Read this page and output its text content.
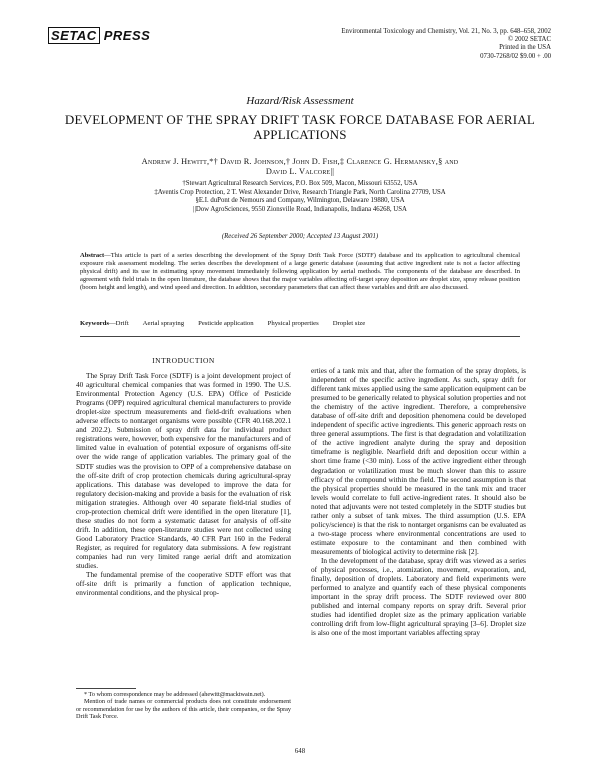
SETAC PRESS	Environmental Toxicology and Chemistry, Vol. 21, No. 3, pp. 648–658, 2002
© 2002 SETAC
Printed in the USA
0730-7268/02 $9.00 + .00
Hazard/Risk Assessment
DEVELOPMENT OF THE SPRAY DRIFT TASK FORCE DATABASE FOR AERIAL APPLICATIONS
Andrew J. Hewitt,*† David R. Johnson,† John D. Fish,‡ Clarence G. Hermansky,§ and
David L. Valcore||
†Stewart Agricultural Research Services, P.O. Box 509, Macon, Missouri 63552, USA
‡Aventis Crop Protection, 2 T. West Alexander Drive, Research Triangle Park, North Carolina 27709, USA
§E.I. duPont de Nemours and Company, Wilmington, Delaware 19880, USA
||Dow AgroSciences, 9550 Zionsville Road, Indianapolis, Indiana 46268, USA
(Received 26 September 2000; Accepted 13 August 2001)
Abstract—This article is part of a series describing the development of the Spray Drift Task Force (SDTF) database and its application to agricultural chemical exposure risk assessment modeling. The series describes the development of a large generic database (assuming that active ingredient rate is not a factor affecting physical drift) and its use in estimating spray movement immediately following application by aerial methods. The components of the database are described. In agreement with field trials in the open literature, the database shows that the major variables affecting off-target spray deposition are droplet size, spray release position (boom height and length), and wind speed and direction. In addition, secondary parameters that can affect these variables and drift are also discussed.
Keywords—Drift Aerial spraying Pesticide application Physical properties Droplet size
INTRODUCTION

The Spray Drift Task Force (SDTF) is a joint development project of 40 agricultural chemical companies that was formed in 1990. The U.S. Environmental Protection Agency (U.S. EPA) Office of Pesticide Programs (OPP) required agricultural chemical manufacturers to provide droplet-size spectrum measurements and field-drift evaluations when adverse effects to nontarget organisms were possible (CFR 40.168.202.1 and 202.2). Submission of spray drift data for individual product registrations were, however, both expensive for the manufacturers and of limited value in evaluation of potential exposure of organisms off-site over the wide range of application variables. The primary goal of the SDTF studies was the provision to OPP of a comprehensive database on the off-site drift of crop protection chemicals during agricultural-spray applications. This database was developed to improve the data for regulatory decision-making and provide a basis for the evaluation of risk mitigation strategies. Although over 40 separate field-trial studies of crop-protection chemical drift were identified in the open literature [1], these studies do not form a systematic dataset for analysis of off-site drift. In addition, these open-literature studies were not collected using Good Laboratory Practice Standards, 40 CFR Part 160 in the Federal Register, as required for regulatory data submissions. A few registrant companies had run very limited range aerial drift and atomization studies.

The fundamental premise of the cooperative SDTF effort was that off-site drift is primarily a function of application technique, environmental conditions, and the physical prop-

erties of a tank mix and that, after the formation of the spray droplets, is independent of the specific active ingredient. As such, spray drift for different tank mixes applied using the same application equipment can be presumed to be generically related to physical solution properties and not the chemistry of the active ingredient. Therefore, a comprehensive database of off-site drift and deposition phenomena could be developed independent of specific active ingredients. This generic approach rests on three general assumptions. The first is that degradation and volatilization of the active ingredient analyte during the spray and deposition timeframe is negligible. Nearfield drift and deposition occur within a short time frame (<30 min). Loss of the active ingredient either through degradation or volatilization must be much slower than this to assure efficacy of the compound within the field. The second assumption is that the physical properties should be measured in the tank mix and tracer levels would correlate to full active-ingredient rates. It should also be noted that adjuvants were not tested completely in the SDTF studies but rather only a subset of tank mixes. The third assumption (U.S. EPA policy/science) is that the risk to nontarget organisms can be evaluated as a two-stage process where environmental concentrations are used to estimate exposure to the contaminant and then combined with measurements of biological activity to determine risk [2].

In the development of the database, spray drift was viewed as a series of physical processes, i.e., atomization, movement, evaporation, and, finally, deposition of droplets. Laboratory and field experiments were performed to analyze and quantify each of these physical components important in the spray drift process. The SDTF reviewed over 800 published and internal company reports on spray drift. Several prior studies had identified droplet size as the primary application variable controlling drift from low-flight agricultural spraying [3–6]. Droplet size is also one of the most important variables affecting spray

* To whom correspondence may be addressed (ahewitt@macktwain.net).

Mention of trade names or commercial products does not constitute endorsement or recommendation for use by the authors of this article, their companies, or the Spray Drift Task Force.

648
